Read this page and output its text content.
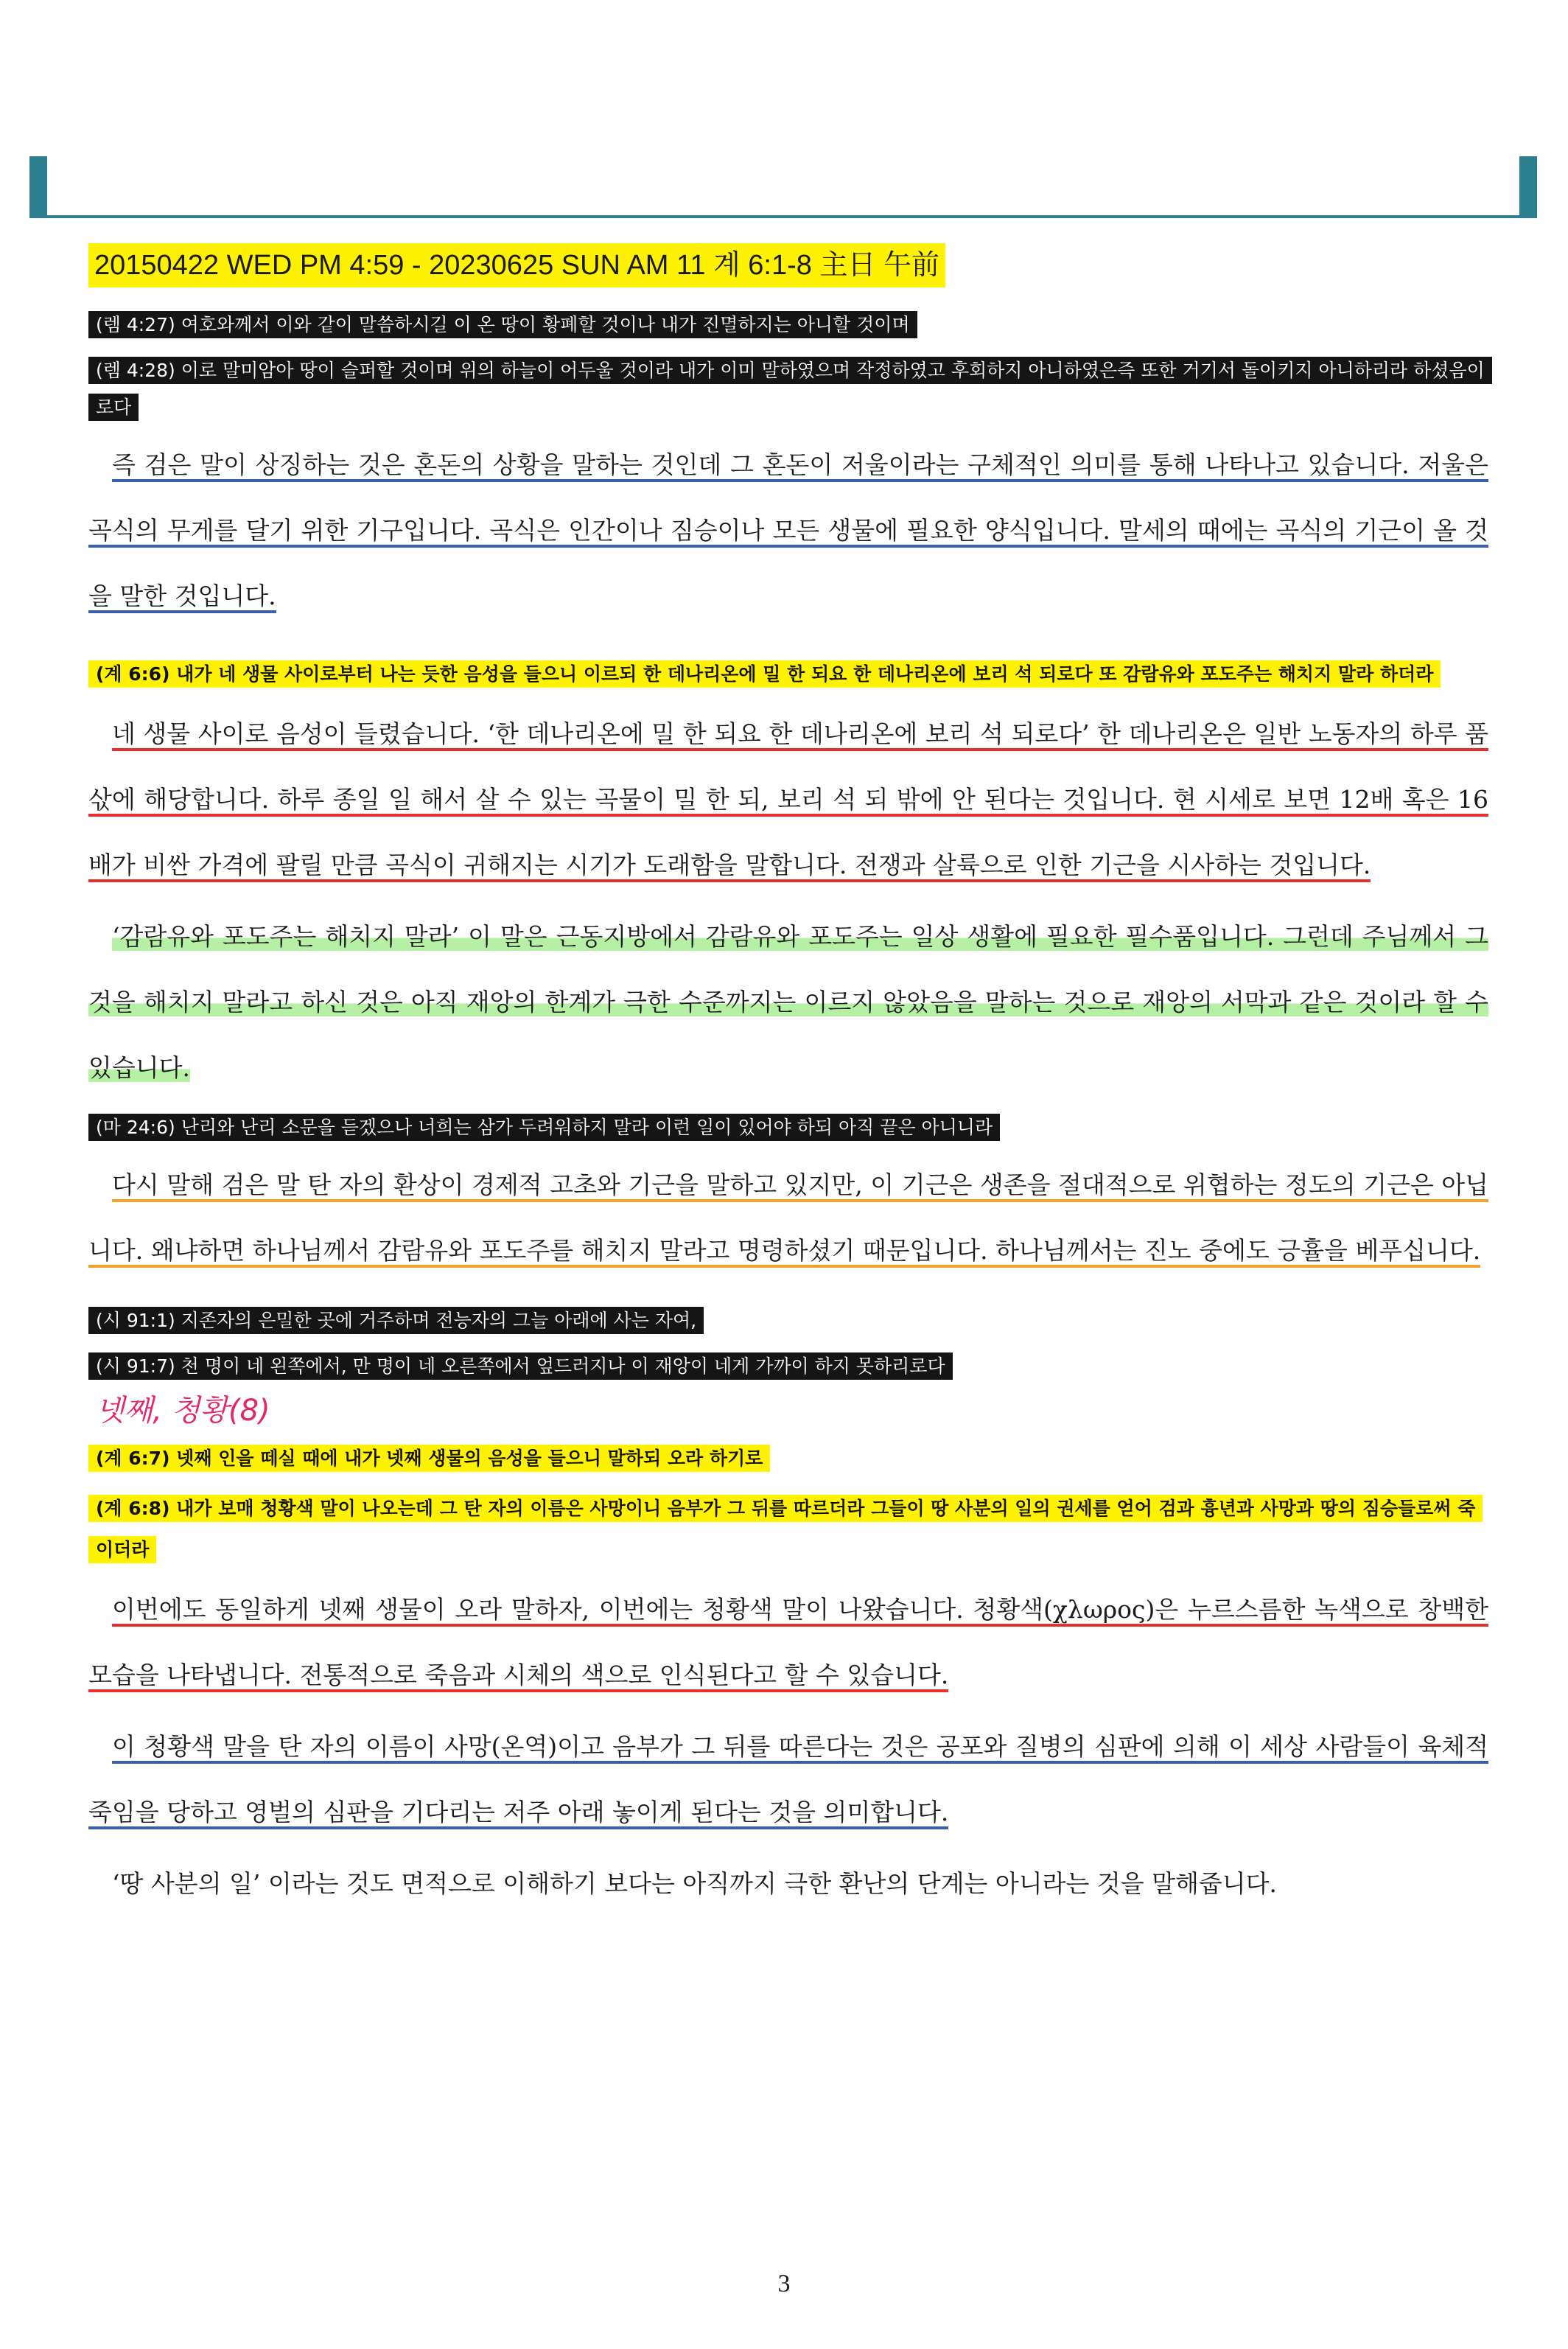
20150422 WED PM 4:59 - 20230625 SUN AM 11 계 6:1-8 主日 午前

(렘 4:27) 여호와께서 이와 같이 말씀하시길 이 온 땅이 황폐할 것이나 내가 진멸하지는 아니할 것이며

(렘 4:28) 이로 말미암아 땅이 슬퍼할 것이며 위의 하늘이 어두울 것이라 내가 이미 말하였으며 작정하였고 후회하지 아니하였은즉 또한 거기서 돌이키지 아니하리라 하셨음이로다

즉 검은 말이 상징하는 것은 혼돈의 상황을 말하는 것인데 그 혼돈이 저울이라는 구체적인 의미를 통해 나타나고 있습니다. 저울은 곡식의 무게를 달기 위한 기구입니다. 곡식은 인간이나 짐승이나 모든 생물에 필요한 양식입니다. 말세의 때에는 곡식의 기근이 올 것을 말한 것입니다.

(계 6:6) 내가 네 생물 사이로부터 나는 듯한 음성을 들으니 이르되 한 데나리온에 밀 한 되요 한 데나리온에 보리 석 되로다 또 감람유와 포도주는 해치지 말라 하더라

네 생물 사이로 음성이 들렸습니다. ‘한 데나리온에 밀 한 되요 한 데나리온에 보리 석 되로다’ 한 데나리온은 일반 노동자의 하루 품삯에 해당합니다. 하루 종일 일 해서 살 수 있는 곡물이 밀 한 되, 보리 석 되 밖에 안 된다는 것입니다. 현 시세로 보면 12배 혹은 16배가 비싼 가격에 팔릴 만큼 곡식이 귀해지는 시기가 도래함을 말합니다. 전쟁과 살륙으로 인한 기근을 시사하는 것입니다.

‘감람유와 포도주는 해치지 말라’ 이 말은 근동지방에서 감람유와 포도주는 일상 생활에 필요한 필수품입니다. 그런데 주님께서 그것을 해치지 말라고 하신 것은 아직 재앙의 한계가 극한 수준까지는 이르지 않았음을 말하는 것으로 재앙의 서막과 같은 것이라 할 수 있습니다.

(마 24:6) 난리와 난리 소문을 듣겠으나 너희는 삼가 두려워하지 말라 이런 일이 있어야 하되 아직 끝은 아니니라

다시 말해 검은 말 탄 자의 환상이 경제적 고초와 기근을 말하고 있지만, 이 기근은 생존을 절대적으로 위협하는 정도의 기근은 아닙니다. 왜냐하면 하나님께서 감람유와 포도주를 해치지 말라고 명령하셨기 때문입니다. 하나님께서는 진노 중에도 긍휼을 베푸십니다.

(시 91:1) 지존자의 은밀한 곳에 거주하며 전능자의 그늘 아래에 사는 자여,

(시 91:7) 천 명이 네 왼쪽에서, 만 명이 네 오른쪽에서 엎드러지나 이 재앙이 네게 가까이 하지 못하리로다

넷째, 청황(8)

(계 6:7) 넷째 인을 떼실 때에 내가 넷째 생물의 음성을 들으니 말하되 오라 하기로

(계 6:8) 내가 보매 청황색 말이 나오는데 그 탄 자의 이름은 사망이니 음부가 그 뒤를 따르더라 그들이 땅 사분의 일의 권세를 얻어 검과 흉년과 사망과 땅의 짐승들로써 죽이더라

이번에도 동일하게 넷째 생물이 오라 말하자, 이번에는 청황색 말이 나왔습니다. 청황색(χλωρος)은 누르스름한 녹색으로 창백한 모습을 나타냅니다. 전통적으로 죽음과 시체의 색으로 인식된다고 할 수 있습니다.

이 청황색 말을 탄 자의 이름이 사망(온역)이고 음부가 그 뒤를 따른다는 것은 공포와 질병의 심판에 의해 이 세상 사람들이 육체적 죽임을 당하고 영벌의 심판을 기다리는 저주 아래 놓이게 된다는 것을 의미합니다.

‘땅 사분의 일’ 이라는 것도 면적으로 이해하기 보다는 아직까지 극한 환난의 단계는 아니라는 것을 말해줍니다.

3
